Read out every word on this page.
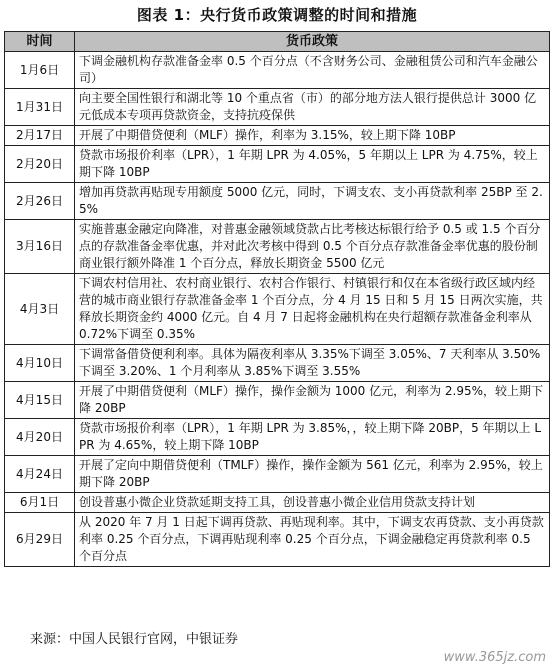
图表 1：央行货币政策调整的时间和措施
时间	货币政策
1月6日	下调金融机构存款准备金率 0.5 个百分点（不含财务公司、金融租赁公司和汽车金融公司）
1月31日	向主要全国性银行和湖北等 10 个重点省（市）的部分地方法人银行提供总计 3000 亿元低成本专项再贷款资金，支持抗疫保供
2月17日	开展了中期借贷便利（MLF）操作，利率为 3.15%，较上期下降 10BP
2月20日	贷款市场报价利率（LPR），1 年期 LPR 为 4.05%，5 年期以上 LPR 为 4.75%，较上期下降 10BP
2月26日	增加再贷款再贴现专用额度 5000 亿元，同时，下调支农、支小再贷款利率 25BP 至 2.5%
3月16日	实施普惠金融定向降准，对普惠金融领域贷款占比考核达标银行给予 0.5 或 1.5 个百分点的存款准备金率优惠，并对此次考核中得到 0.5 个百分点存款准备金率优惠的股份制商业银行额外降准 1 个百分点，释放长期资金 5500 亿元
4月3日	下调农村信用社、农村商业银行、农村合作银行、村镇银行和仅在本省级行政区域内经营的城市商业银行存款准备金率 1 个百分点，分 4 月 15 日和 5 月 15 日两次实施，共释放长期资金约 4000 亿元。自 4 月 7 日起将金融机构在央行超额存款准备金利率从 0.72%下调至 0.35%
4月10日	下调常备借贷便利利率。具体为隔夜利率从 3.35%下调至 3.05%、7 天利率从 3.50%下调至 3.20%、1 个月利率从 3.85%下调至 3.55%
4月15日	开展了中期借贷便利（MLF）操作，操作金额为 1000 亿元，利率为 2.95%，较上期下降 20BP
4月20日	贷款市场报价利率（LPR），1 年期 LPR 为 3.85%，，较上期下降 20BP，5 年期以上 LPR 为 4.65%，较上期下降 10BP
4月24日	开展了定向中期借贷便利（TMLF）操作，操作金额为 561 亿元，利率为 2.95%，较上期下降 20BP
6月1日	创设普惠小微企业贷款延期支持工具，创设普惠小微企业信用贷款支持计划
6月29日	从 2020 年 7 月 1 日起下调再贷款、再贴现利率。其中，下调支农再贷款、支小再贷款利率 0.25 个百分点，下调再贴现利率 0.25 个百分点，下调金融稳定再贷款利率 0.5 个百分点
来源：中国人民银行官网，中银证券
www.365jz.com
